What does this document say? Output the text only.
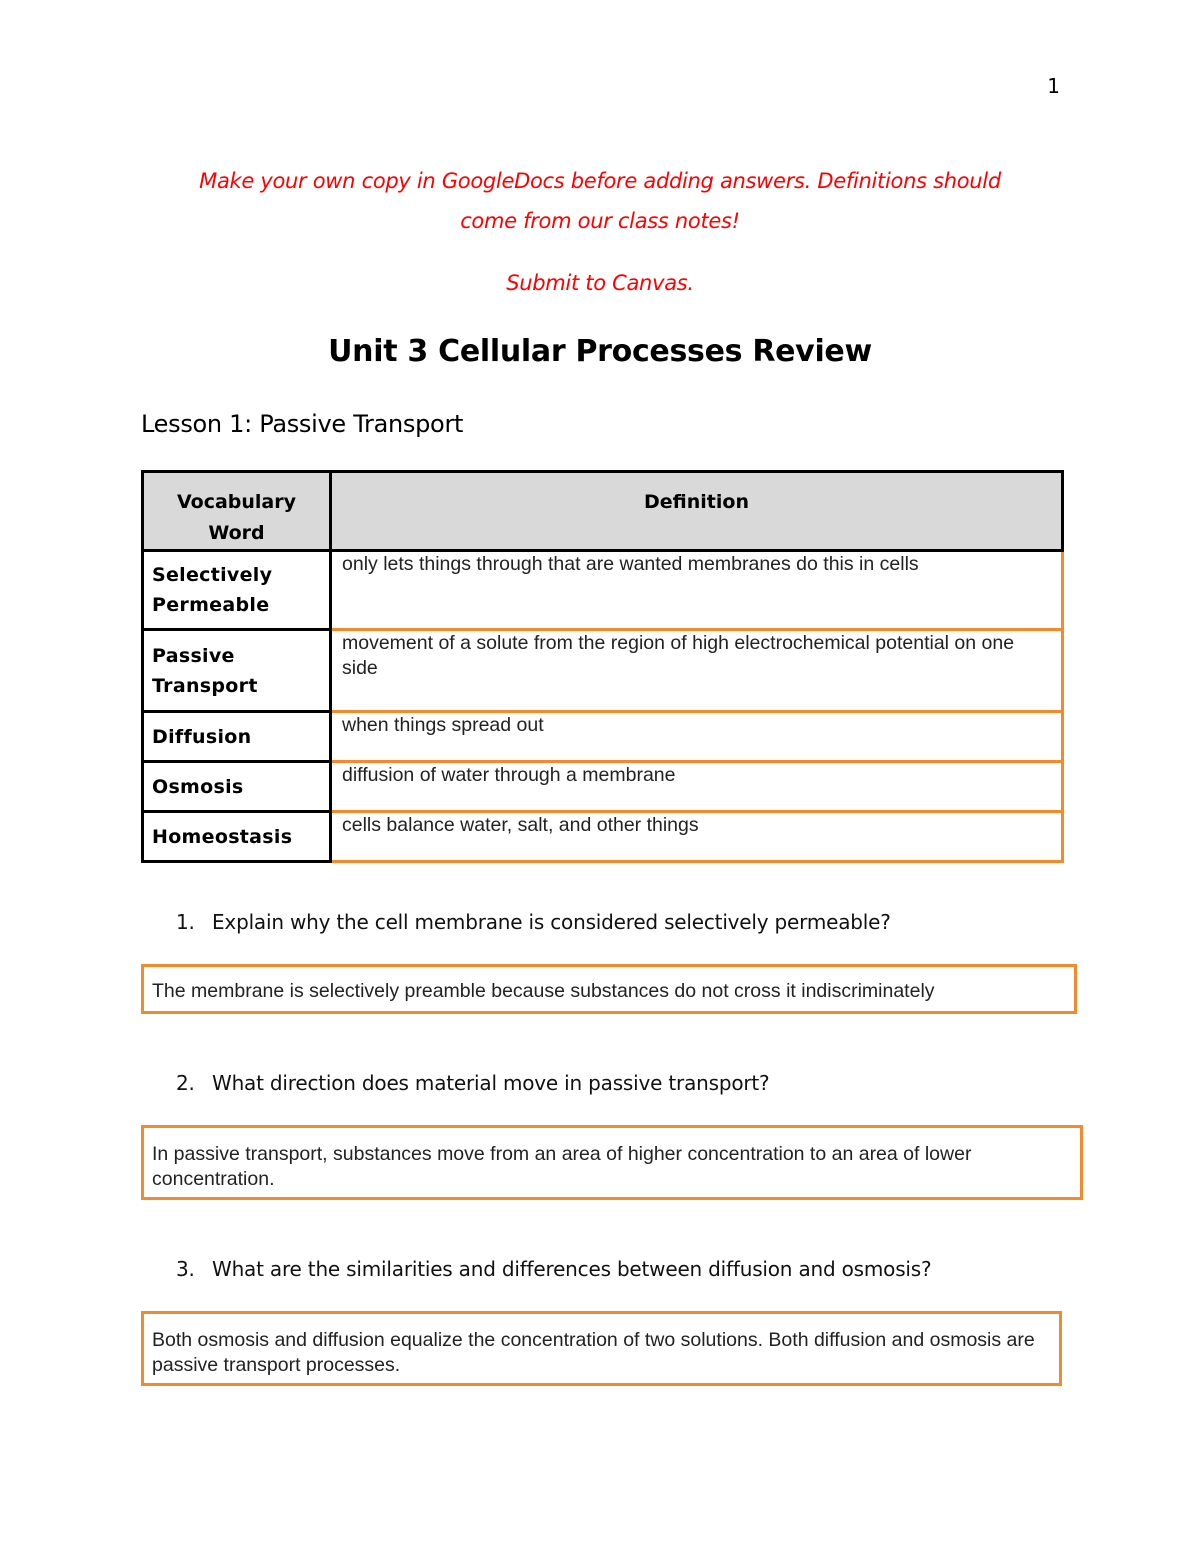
1
Make your own copy in GoogleDocs before adding answers. Definitions should
come from our class notes!
Submit to Canvas.
Unit 3 Cellular Processes Review
Lesson 1: Passive Transport
Vocabulary Word	Definition
Selectively Permeable	only lets things through that are wanted membranes do this in cells
Passive Transport	movement of a solute from the region of high electrochemical potential on one side
Diffusion	when things spread out
Osmosis	diffusion of water through a membrane
Homeostasis	cells balance water, salt, and other things
1. Explain why the cell membrane is considered selectively permeable?
The membrane is selectively preamble because substances do not cross it indiscriminately
2. What direction does material move in passive transport?
In passive transport, substances move from an area of higher concentration to an area of lower concentration.
3. What are the similarities and differences between diffusion and osmosis?
Both osmosis and diffusion equalize the concentration of two solutions. Both diffusion and osmosis are passive transport processes.
